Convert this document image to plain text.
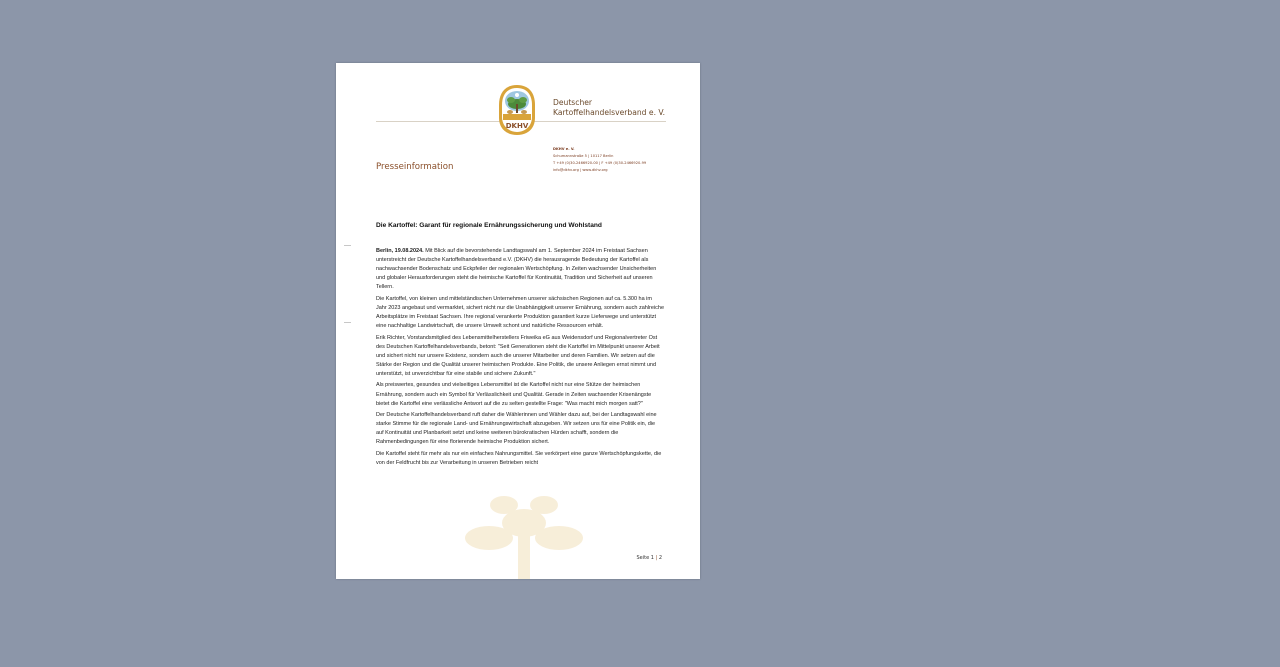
DKHV
Deutscher
Kartoffelhandelsverband e. V.
DKHV e. V.
Schumannstraße 5 | 10117 Berlin
T +49 (0)30-2466920-00 | F +49 (0)30-2466920-99
info@dkhv.org | www.dkhv.org
Presseinformation
Die Kartoffel: Garant für regionale Ernährungssicherung und Wohlstand

Berlin, 19.08.2024. Mit Blick auf die bevorstehende Landtagswahl am 1. September 2024 im Freistaat Sachsen unterstreicht der Deutsche Kartoffelhandelsverband e.V. (DKHV) die herausragende Bedeutung der Kartoffel als nachwachsender Bodenschatz und Eckpfeiler der regionalen Wertschöpfung. In Zeiten wachsender Unsicherheiten und globaler Herausforderungen steht die heimische Kartoffel für Kontinuität, Tradition und Sicherheit auf unseren Tellern.

Die Kartoffel, von kleinen und mittelständischen Unternehmen unserer sächsischen Regionen auf ca. 5.300 ha im Jahr 2023 angebaut und vermarktet, sichert nicht nur die Unabhängigkeit unserer Ernährung, sondern auch zahlreiche Arbeitsplätze im Freistaat Sachsen. Ihre regional verankerte Produktion garantiert kurze Lieferwege und unterstützt eine nachhaltige Landwirtschaft, die unsere Umwelt schont und natürliche Ressourcen erhält.

Erik Richter, Vorstandsmitglied des Lebensmittelherstellers Friweika eG aus Weidensdorf und Regionalvertreter Ost des Deutschen Kartoffelhandelsverbands, betont: "Seit Generationen steht die Kartoffel im Mittelpunkt unserer Arbeit und sichert nicht nur unsere Existenz, sondern auch die unserer Mitarbeiter und deren Familien. Wir setzen auf die Stärke der Region und die Qualität unserer heimischen Produkte. Eine Politik, die unsere Anliegen ernst nimmt und unterstützt, ist unverzichtbar für eine stabile und sichere Zukunft."

Als preiswertes, gesundes und vielseitiges Lebensmittel ist die Kartoffel nicht nur eine Stütze der heimischen Ernährung, sondern auch ein Symbol für Verlässlichkeit und Qualität. Gerade in Zeiten wachsender Krisenängste bietet die Kartoffel eine verlässliche Antwort auf die zu selten gestellte Frage: "Was macht mich morgen satt?"

Der Deutsche Kartoffelhandelsverband ruft daher die Wählerinnen und Wähler dazu auf, bei der Landtagswahl eine starke Stimme für die regionale Land- und Ernährungswirtschaft abzugeben. Wir setzen uns für eine Politik ein, die auf Kontinuität und Planbarkeit setzt und keine weiteren bürokratischen Hürden schafft, sondern die Rahmenbedingungen für eine florierende heimische Produktion sichert.

Die Kartoffel steht für mehr als nur ein einfaches Nahrungsmittel. Sie verkörpert eine ganze Wertschöpfungskette, die von der Feldfrucht bis zur Verarbeitung in unseren Betrieben reicht

Seite 1 | 2
